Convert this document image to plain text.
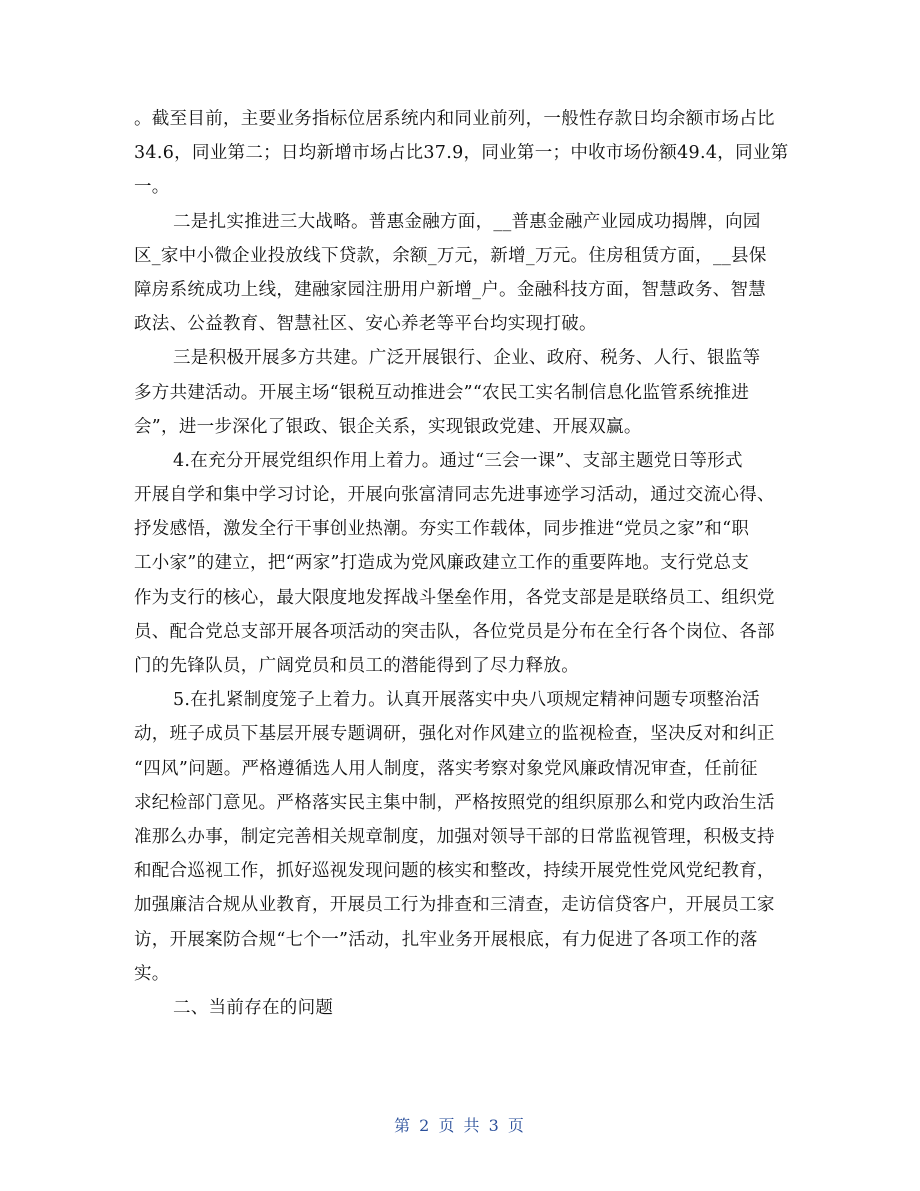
。截至目前，主要业务指标位居系统内和同业前列，一般性存款日均余额市场占比
34.6，同业第二；日均新增市场占比37.9，同业第一；中收市场份额49.4，同业第
一。
二是扎实推进三大战略。普惠金融方面，__普惠金融产业园成功揭牌，向园
区_家中小微企业投放线下贷款，余额_万元，新增_万元。住房租赁方面，__县保
障房系统成功上线，建融家园注册用户新增_户。金融科技方面，智慧政务、智慧
政法、公益教育、智慧社区、安心养老等平台均实现打破。
三是积极开展多方共建。广泛开展银行、企业、政府、税务、人行、银监等
多方共建活动。开展主场“银税互动推进会”“农民工实名制信息化监管系统推进
会”，进一步深化了银政、银企关系，实现银政党建、开展双赢。
4.在充分开展党组织作用上着力。通过“三会一课”、支部主题党日等形式
开展自学和集中学习讨论，开展向张富清同志先进事迹学习活动，通过交流心得、
抒发感悟，激发全行干事创业热潮。夯实工作载体，同步推进“党员之家”和“职
工小家”的建立，把“两家”打造成为党风廉政建立工作的重要阵地。支行党总支
作为支行的核心，最大限度地发挥战斗堡垒作用，各党支部是是联络员工、组织党
员、配合党总支部开展各项活动的突击队，各位党员是分布在全行各个岗位、各部
门的先锋队员，广阔党员和员工的潜能得到了尽力释放。
5.在扎紧制度笼子上着力。认真开展落实中央八项规定精神问题专项整治活
动，班子成员下基层开展专题调研，强化对作风建立的监视检查，坚决反对和纠正
“四风”问题。严格遵循选人用人制度，落实考察对象党风廉政情况审查，任前征
求纪检部门意见。严格落实民主集中制，严格按照党的组织原那么和党内政治生活
准那么办事，制定完善相关规章制度，加强对领导干部的日常监视管理，积极支持
和配合巡视工作，抓好巡视发现问题的核实和整改，持续开展党性党风党纪教育，
加强廉洁合规从业教育，开展员工行为排查和三清查，走访信贷客户，开展员工家
访，开展案防合规“七个一”活动，扎牢业务开展根底，有力促进了各项工作的落
实。
二、当前存在的问题
第 2 页 共 3 页
